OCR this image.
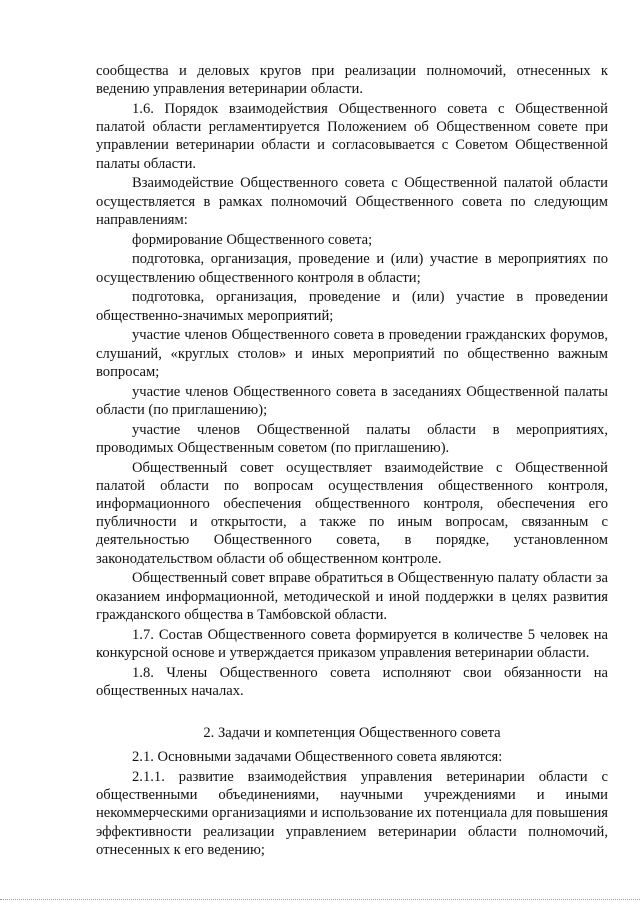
сообщества и деловых кругов при реализации полномочий, отнесенных к ведению управления ветеринарии области.

1.6. Порядок взаимодействия Общественного совета с Общественной палатой области регламентируется Положением об Общественном совете при управлении ветеринарии области и согласовывается с Советом Общественной палаты области.

Взаимодействие Общественного совета с Общественной палатой области осуществляется в рамках полномочий Общественного совета по следующим направлениям:

формирование Общественного совета;

подготовка, организация, проведение и (или) участие в мероприятиях по осуществлению общественного контроля в области;

подготовка, организация, проведение и (или) участие в проведении общественно-значимых мероприятий;

участие членов Общественного совета в проведении гражданских форумов, слушаний, «круглых столов» и иных мероприятий по общественно важным вопросам;

участие членов Общественного совета в заседаниях Общественной палаты области (по приглашению);

участие членов Общественной палаты области в мероприятиях, проводимых Общественным советом (по приглашению).

Общественный совет осуществляет взаимодействие с Общественной палатой области по вопросам осуществления общественного контроля, информационного обеспечения общественного контроля, обеспечения его публичности и открытости, а также по иным вопросам, связанным с деятельностью Общественного совета, в порядке, установленном законодательством области об общественном контроле.

Общественный совет вправе обратиться в Общественную палату области за оказанием информационной, методической и иной поддержки в целях развития гражданского общества в Тамбовской области.

1.7. Состав Общественного совета формируется в количестве 5 человек на конкурсной основе и утверждается приказом управления ветеринарии области.

1.8. Члены Общественного совета исполняют свои обязанности на общественных началах.

2. Задачи и компетенция Общественного совета

2.1. Основными задачами Общественного совета являются:

2.1.1. развитие взаимодействия управления ветеринарии области с общественными объединениями, научными учреждениями и иными некоммерческими организациями и использование их потенциала для повышения эффективности реализации управлением ветеринарии области полномочий, отнесенных к его ведению;
